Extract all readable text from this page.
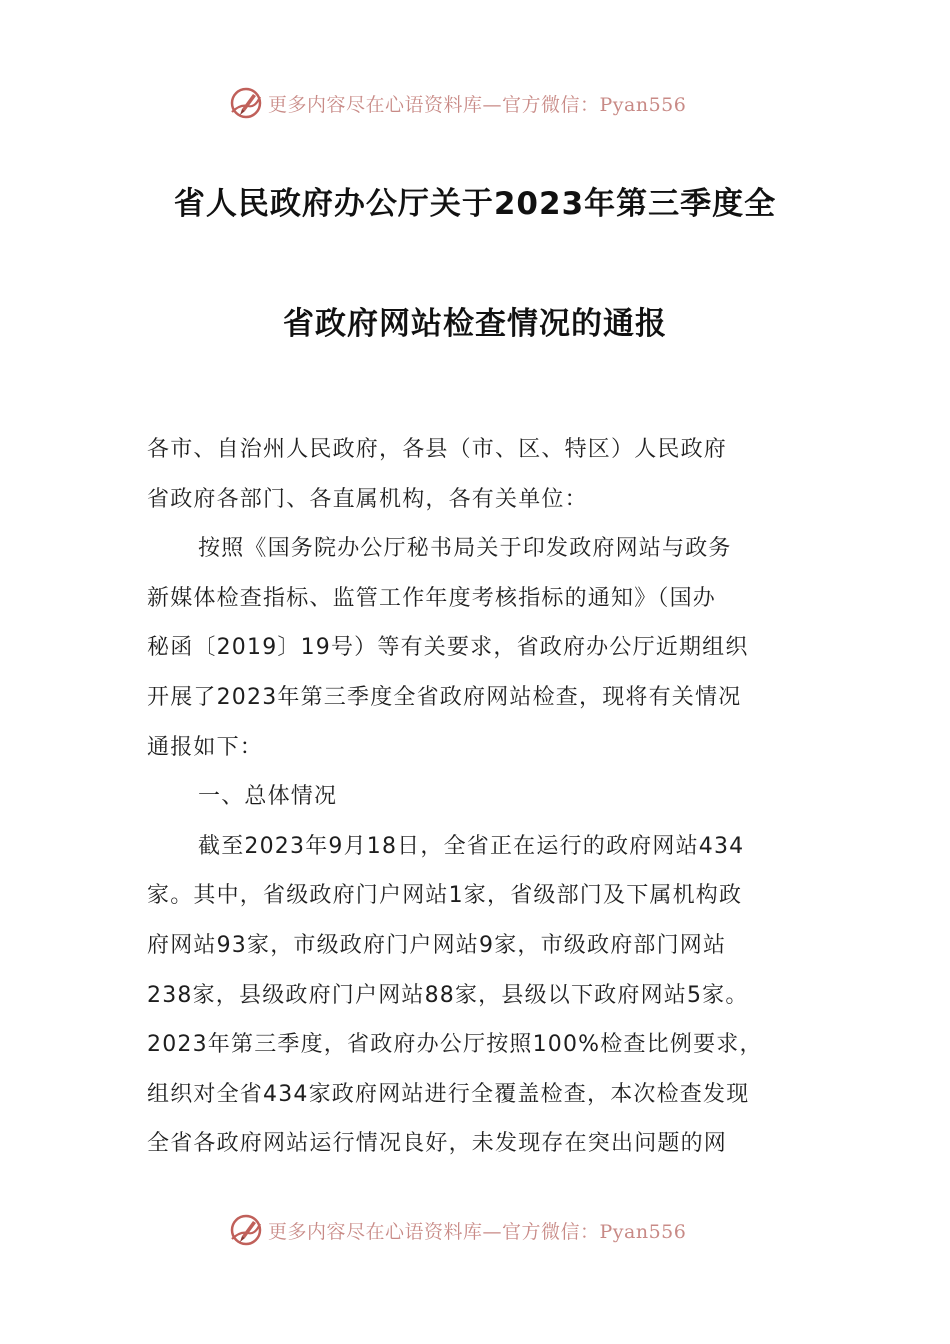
更多内容尽在心语资料库—官方微信：Pyan556
省人民政府办公厅关于2023年第三季度全
省政府网站检查情况的通报
各市、自治州人民政府，各县（市、区、特区）人民政府
省政府各部门、各直属机构，各有关单位：
按照《国务院办公厅秘书局关于印发政府网站与政务
新媒体检查指标、监管工作年度考核指标的通知》（国办
秘函〔2019〕19号）等有关要求，省政府办公厅近期组织
开展了2023年第三季度全省政府网站检查，现将有关情况
通报如下：
一、总体情况
截至2023年9月18日，全省正在运行的政府网站434
家。其中，省级政府门户网站1家，省级部门及下属机构政
府网站93家，市级政府门户网站9家，市级政府部门网站
238家，县级政府门户网站88家，县级以下政府网站5家。
2023年第三季度，省政府办公厅按照100%检查比例要求，
组织对全省434家政府网站进行全覆盖检查，本次检查发现
全省各政府网站运行情况良好，未发现存在突出问题的网
更多内容尽在心语资料库—官方微信：Pyan556
